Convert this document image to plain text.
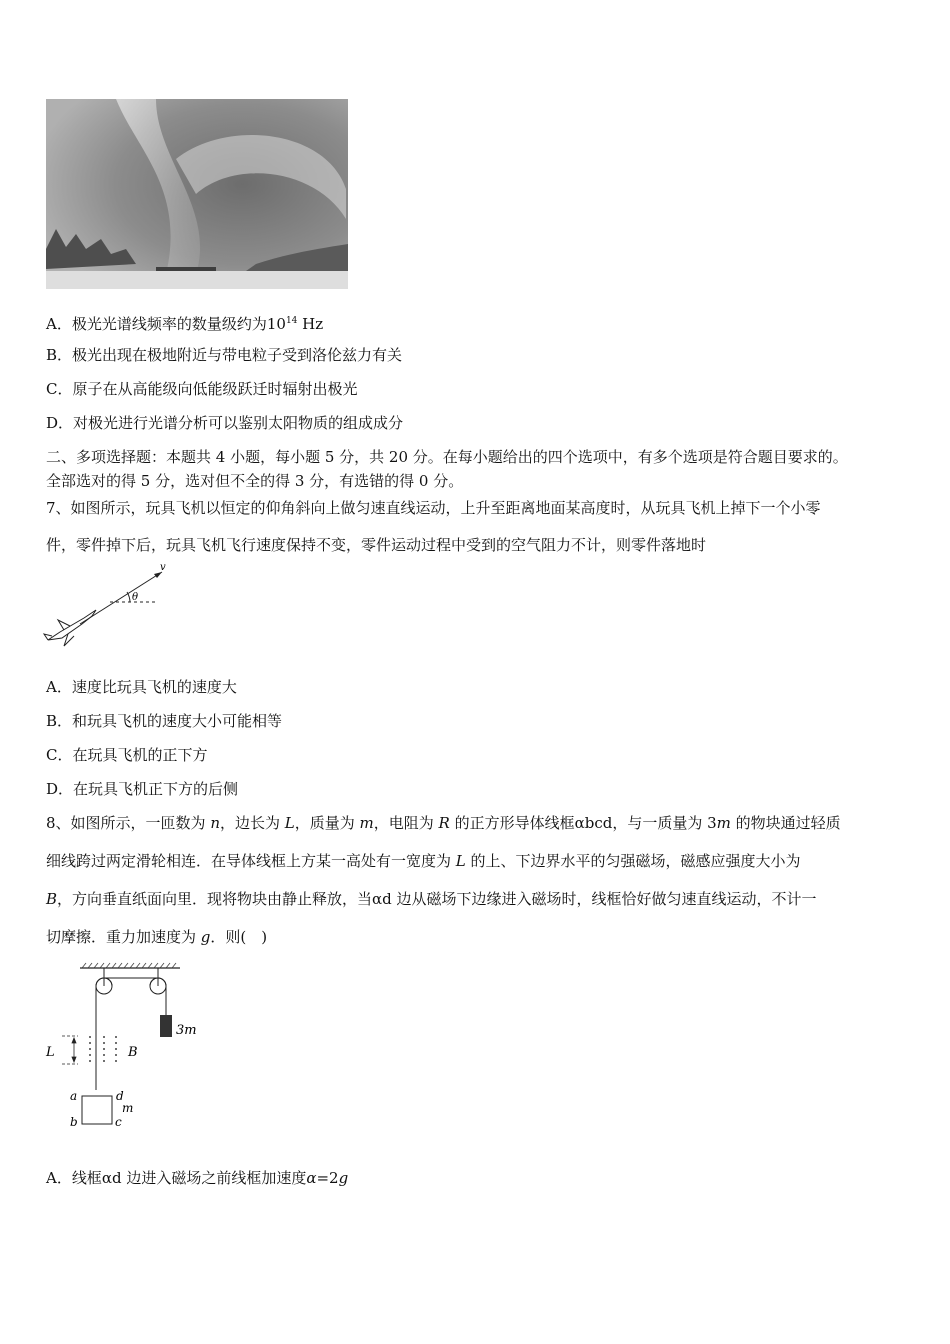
A．极光光谱线频率的数量级约为$10^{14}$ Hz
B．极光出现在极地附近与带电粒子受到洛伦兹力有关
C．原子在从高能级向低能级跃迁时辐射出极光
D．对极光进行光谱分析可以鉴别太阳物质的组成成分
二、多项选择题：本题共 4 小题，每小题 5 分，共 20 分。在每小题给出的四个选项中，有多个选项是符合题目要求的。
全部选对的得 5 分，选对但不全的得 3 分，有选错的得 0 分。
7、如图所示，玩具飞机以恒定的仰角斜向上做匀速直线运动，上升至距离地面某高度时，从玩具飞机上掉下一个小零
件，零件掉下后，玩具飞机飞行速度保持不变，零件运动过程中受到的空气阻力不计，则零件落地时
v
θ
A．速度比玩具飞机的速度大
B．和玩具飞机的速度大小可能相等
C．在玩具飞机的正下方
D．在玩具飞机正下方的后侧
8、如图所示，一匝数为 n，边长为 L，质量为 m，电阻为 R 的正方形导体线框αbcd，与一质量为 3m 的物块通过轻质
细线跨过两定滑轮相连．在导体线框上方某一高处有一宽度为 L 的上、下边界水平的匀强磁场，磁感应强度大小为
B，方向垂直纸面向里．现将物块由静止释放，当αd 边从磁场下边缘进入磁场时，线框恰好做匀速直线运动，不计一
切摩擦．重力加速度为 g．则(　)
3m
L	B
a
b	c
d
m
A．线框αd 边进入磁场之前线框加速度α=2g
